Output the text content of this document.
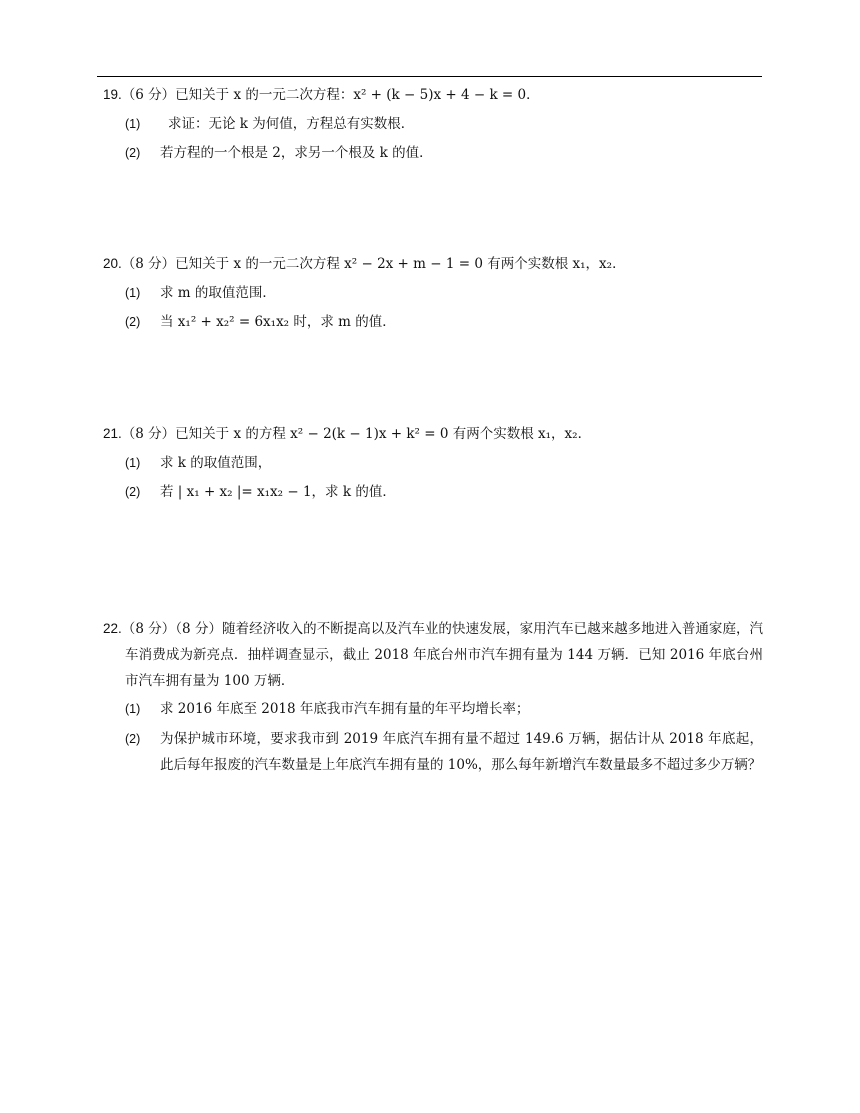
19.（6 分）已知关于 x 的一元二次方程：x² + (k − 5)x + 4 − k = 0．

(1) 求证：无论 k 为何值，方程总有实数根．
(2) 若方程的一个根是 2，求另一个根及 k 的值．

20.（8 分）已知关于 x 的一元二次方程 x² − 2x + m − 1 = 0 有两个实数根 x₁，x₂．

(1) 求 m 的取值范围．
(2) 当 x₁² + x₂² = 6x₁x₂ 时，求 m 的值．

21.（8 分）已知关于 x 的方程 x² − 2(k − 1)x + k² = 0 有两个实数根 x₁，x₂．

(1) 求 k 的取值范围，
(2) 若 | x₁ + x₂ |= x₁x₂ − 1，求 k 的值．

22.（8 分）（8 分）随着经济收入的不断提高以及汽车业的快速发展，家用汽车已越来越多地进入普通家庭，汽车消费成为新亮点．抽样调查显示，截止 2018 年底台州市汽车拥有量为 144 万辆．已知 2016 年底台州市汽车拥有量为 100 万辆．

(1) 求 2016 年底至 2018 年底我市汽车拥有量的年平均增长率；
(2) 为保护城市环境，要求我市到 2019 年底汽车拥有量不超过 149.6 万辆，据估计从 2018 年底起，此后每年报废的汽车数量是上年底汽车拥有量的 10%，那么每年新增汽车数量最多不超过多少万辆？
